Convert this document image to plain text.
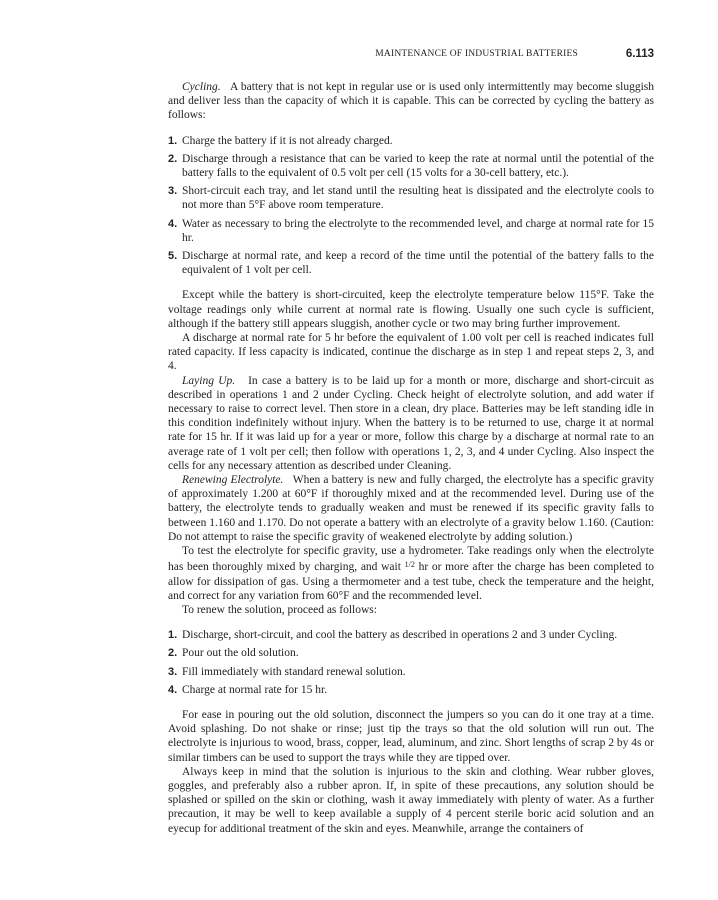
MAINTENANCE OF INDUSTRIAL BATTERIES	6.113

Cycling. A battery that is not kept in regular use or is used only intermittently may become sluggish and deliver less than the capacity of which it is capable. This can be corrected by cycling the battery as follows:

1. Charge the battery if it is not already charged.
2. Discharge through a resistance that can be varied to keep the rate at normal until the potential of the battery falls to the equivalent of 0.5 volt per cell (15 volts for a 30-cell battery, etc.).
3. Short-circuit each tray, and let stand until the resulting heat is dissipated and the electrolyte cools to not more than 5°F above room temperature.
4. Water as necessary to bring the electrolyte to the recommended level, and charge at normal rate for 15 hr.
5. Discharge at normal rate, and keep a record of the time until the potential of the battery falls to the equivalent of 1 volt per cell.

Except while the battery is short-circuited, keep the electrolyte temperature below 115°F. Take the voltage readings only while current at normal rate is flowing. Usually one such cycle is sufficient, although if the battery still appears sluggish, another cycle or two may bring further improvement.

A discharge at normal rate for 5 hr before the equivalent of 1.00 volt per cell is reached indicates full rated capacity. If less capacity is indicated, continue the discharge as in step 1 and repeat steps 2, 3, and 4.

Laying Up. In case a battery is to be laid up for a month or more, discharge and short-circuit as described in operations 1 and 2 under Cycling. Check height of electrolyte solution, and add water if necessary to raise to correct level. Then store in a clean, dry place. Batteries may be left standing idle in this condition indefinitely without injury. When the battery is to be returned to use, charge it at normal rate for 15 hr. If it was laid up for a year or more, follow this charge by a discharge at normal rate to an average rate of 1 volt per cell; then follow with operations 1, 2, 3, and 4 under Cycling. Also inspect the cells for any necessary attention as described under Cleaning.

Renewing Electrolyte. When a battery is new and fully charged, the electrolyte has a specific gravity of approximately 1.200 at 60°F if thoroughly mixed and at the recommended level. During use of the battery, the electrolyte tends to gradually weaken and must be renewed if its specific gravity falls to between 1.160 and 1.170. Do not operate a battery with an electrolyte of a gravity below 1.160. (Caution: Do not attempt to raise the specific gravity of weakened electrolyte by adding solution.)

To test the electrolyte for specific gravity, use a hydrometer. Take readings only when the electrolyte has been thoroughly mixed by charging, and wait $^{1/2}$ hr or more after the charge has been completed to allow for dissipation of gas. Using a thermometer and a test tube, check the temperature and the height, and correct for any variation from 60°F and the recommended level.

To renew the solution, proceed as follows:

1. Discharge, short-circuit, and cool the battery as described in operations 2 and 3 under Cycling.
2. Pour out the old solution.
3. Fill immediately with standard renewal solution.
4. Charge at normal rate for 15 hr.

For ease in pouring out the old solution, disconnect the jumpers so you can do it one tray at a time. Avoid splashing. Do not shake or rinse; just tip the trays so that the old solution will run out. The electrolyte is injurious to wood, brass, copper, lead, aluminum, and zinc. Short lengths of scrap 2 by 4s or similar timbers can be used to support the trays while they are tipped over.

Always keep in mind that the solution is injurious to the skin and clothing. Wear rubber gloves, goggles, and preferably also a rubber apron. If, in spite of these precautions, any solution should be splashed or spilled on the skin or clothing, wash it away immediately with plenty of water. As a further precaution, it may be well to keep available a supply of 4 percent sterile boric acid solution and an eyecup for additional treatment of the skin and eyes. Meanwhile, arrange the containers of
